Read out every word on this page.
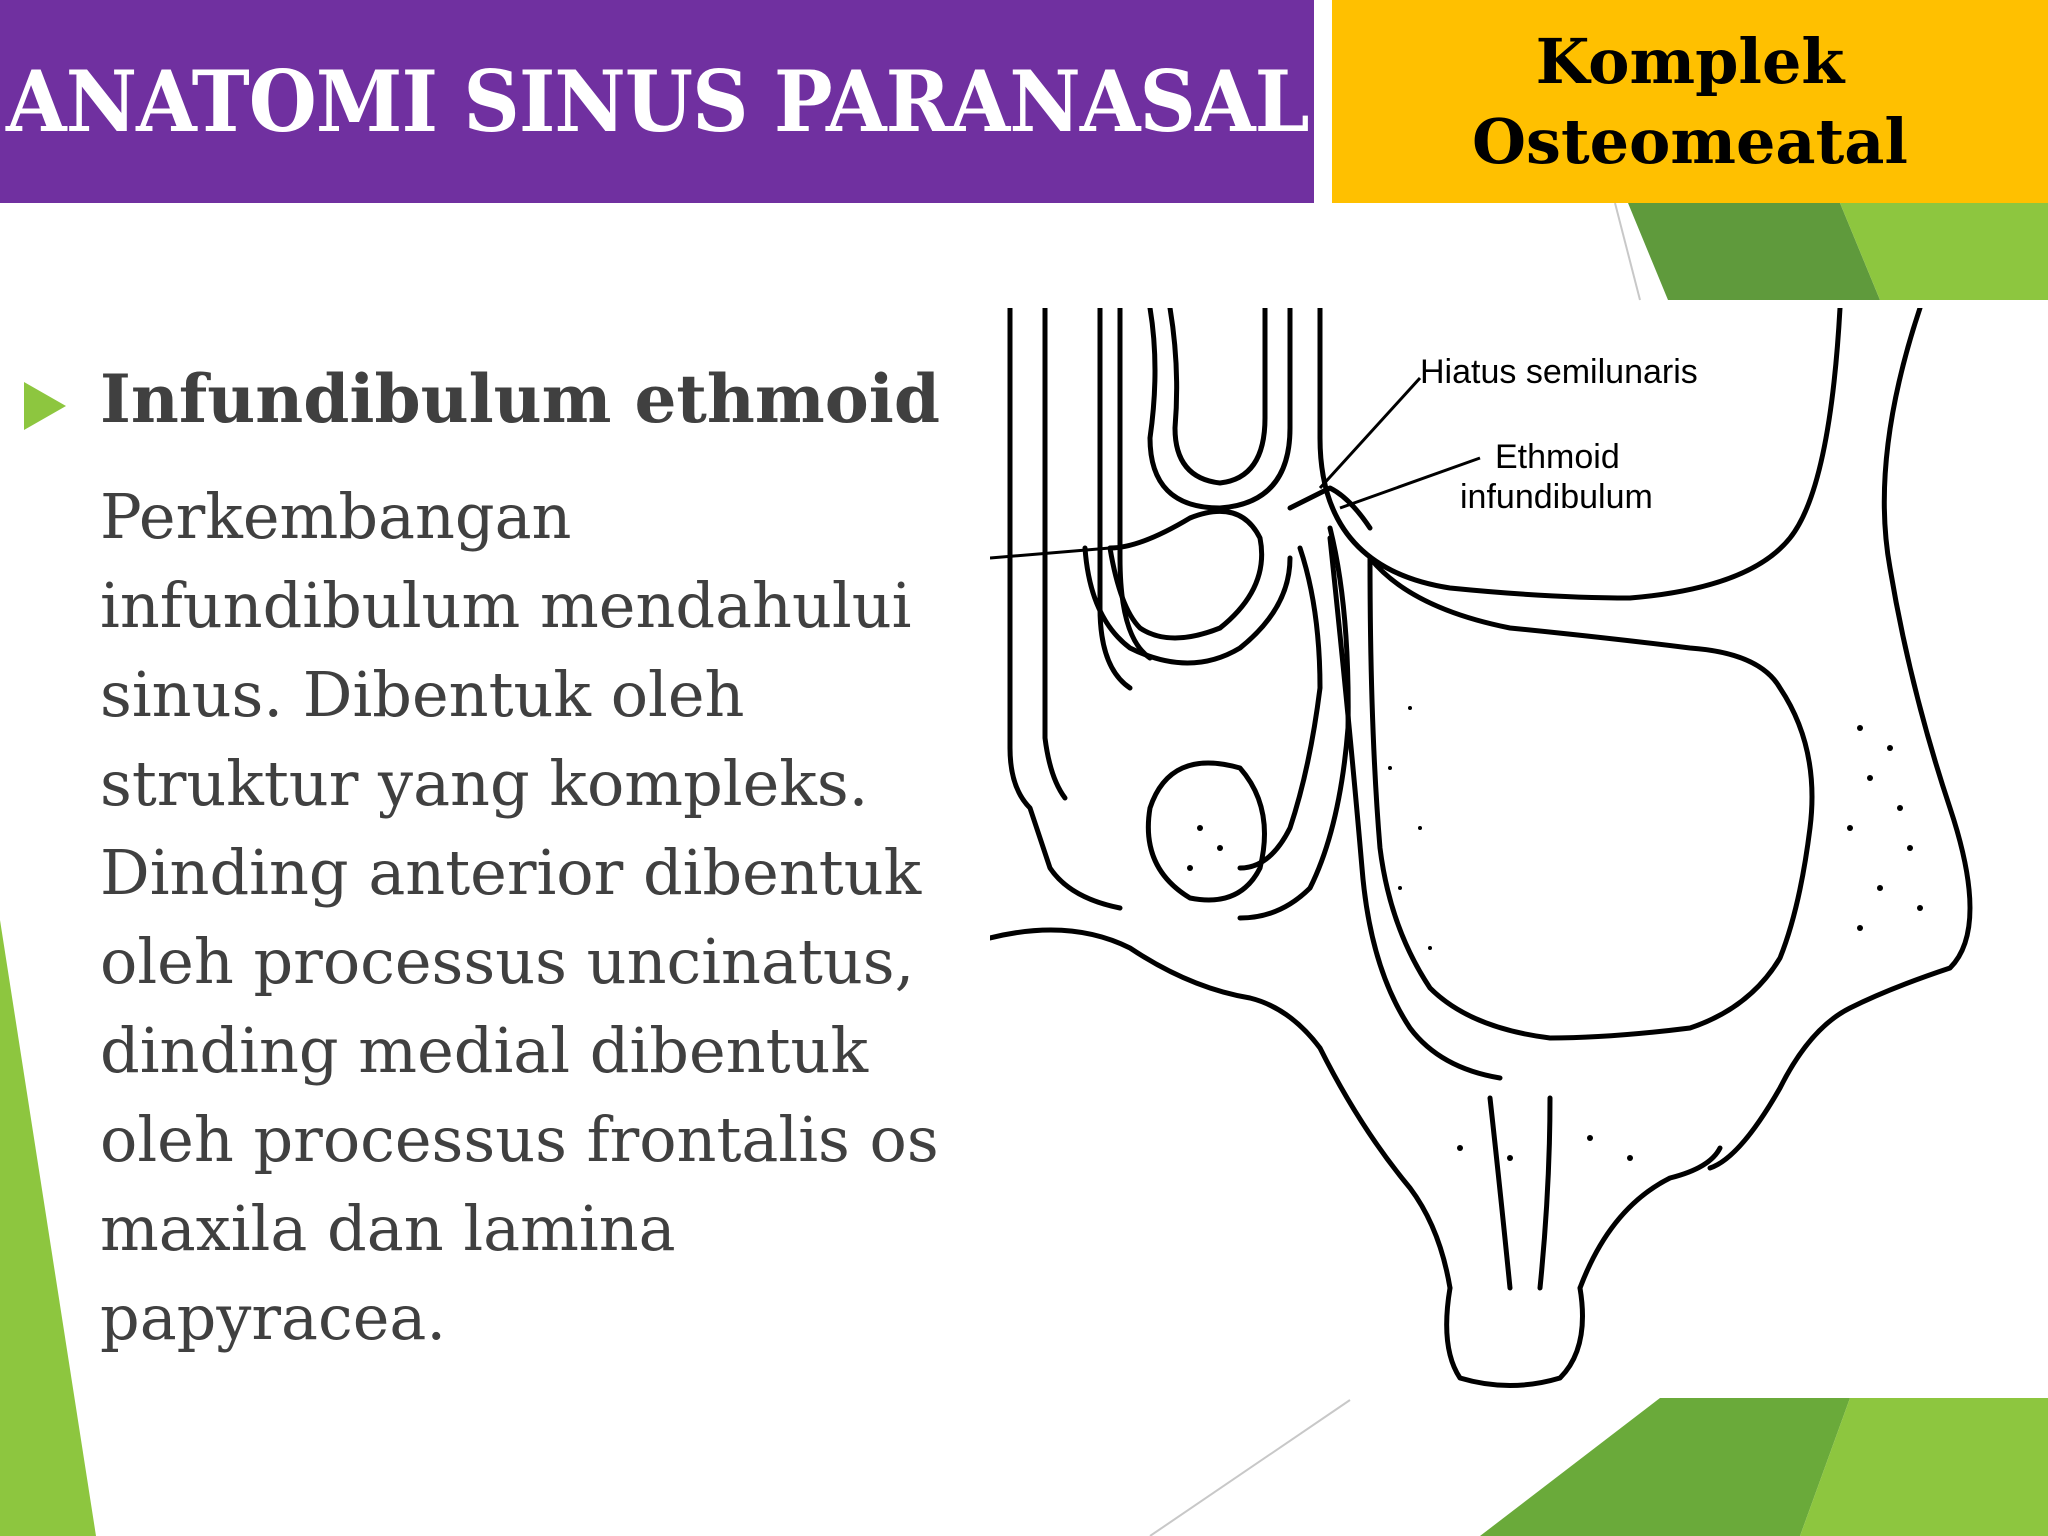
ANATOMI SINUS PARANASAL	Komplek
Osteomeatal
Infundibulum ethmoid

Perkembangan infundibulum mendahului sinus. Dibentuk oleh struktur yang kompleks. Dinding anterior dibentuk oleh processus uncinatus, dinding medial dibentuk oleh processus frontalis os maxila dan lamina papyracea.

Hiatus semilunaris
Ethmoid
infundibulum
